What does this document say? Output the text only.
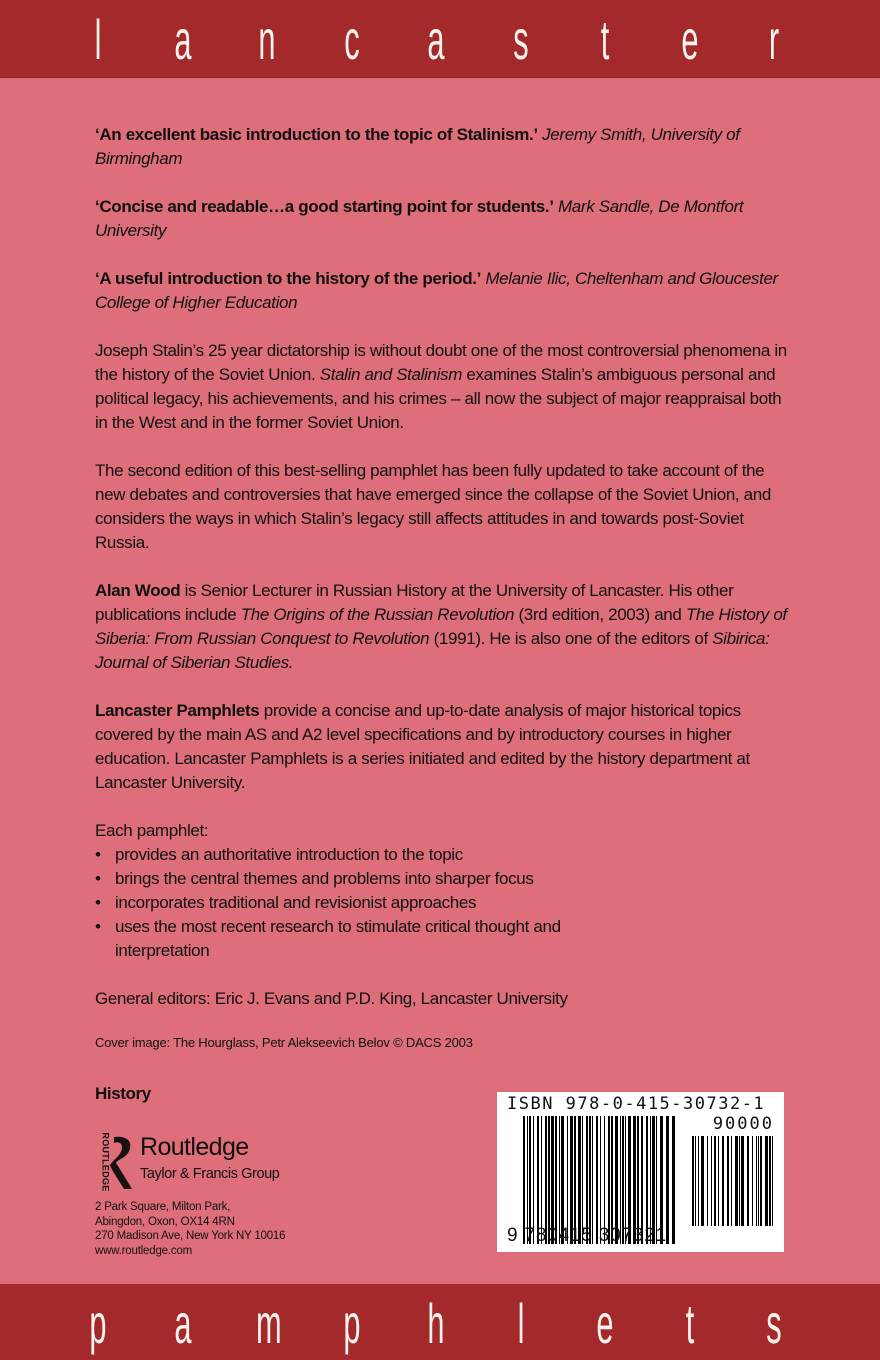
l a n c a s t e r

‘An excellent basic introduction to the topic of Stalinism.’ Jeremy Smith, University of Birmingham

‘Concise and readable…a good starting point for students.’ Mark Sandle, De Montfort University

‘A useful introduction to the history of the period.’ Melanie Ilic, Cheltenham and Gloucester College of Higher Education

Joseph Stalin’s 25 year dictatorship is without doubt one of the most controversial phenomena in the history of the Soviet Union. Stalin and Stalinism examines Stalin’s ambiguous personal and political legacy, his achievements, and his crimes – all now the subject of major reappraisal both in the West and in the former Soviet Union.

The second edition of this best-selling pamphlet has been fully updated to take account of the new debates and controversies that have emerged since the collapse of the Soviet Union, and considers the ways in which Stalin’s legacy still affects attitudes in and towards post-Soviet Russia.

Alan Wood is Senior Lecturer in Russian History at the University of Lancaster. His other publications include The Origins of the Russian Revolution (3rd edition, 2003) and The History of Siberia: From Russian Conquest to Revolution (1991). He is also one of the editors of Sibirica: Journal of Siberian Studies.

Lancaster Pamphlets provide a concise and up-to-date analysis of major historical topics covered by the main AS and A2 level specifications and by introductory courses in higher education. Lancaster Pamphlets is a series initiated and edited by the history department at Lancaster University.

Each pamphlet:
• provides an authoritative introduction to the topic
• brings the central themes and problems into sharper focus
• incorporates traditional and revisionist approaches
• uses the most recent research to stimulate critical thought and interpretation

General editors: Eric J. Evans and P.D. King, Lancaster University

Cover image: The Hourglass, Petr Alekseevich Belov © DACS 2003

History
ROUTLEDGE Routledge
Taylor & Francis Group
2 Park Square, Milton Park,
Abingdon, Oxon, OX14 4RN
270 Madison Ave, New York NY 10016
www.routledge.com
ISBN 978-0-415-30732-1
90000
9 780415 307321
p a m p h l e t s
